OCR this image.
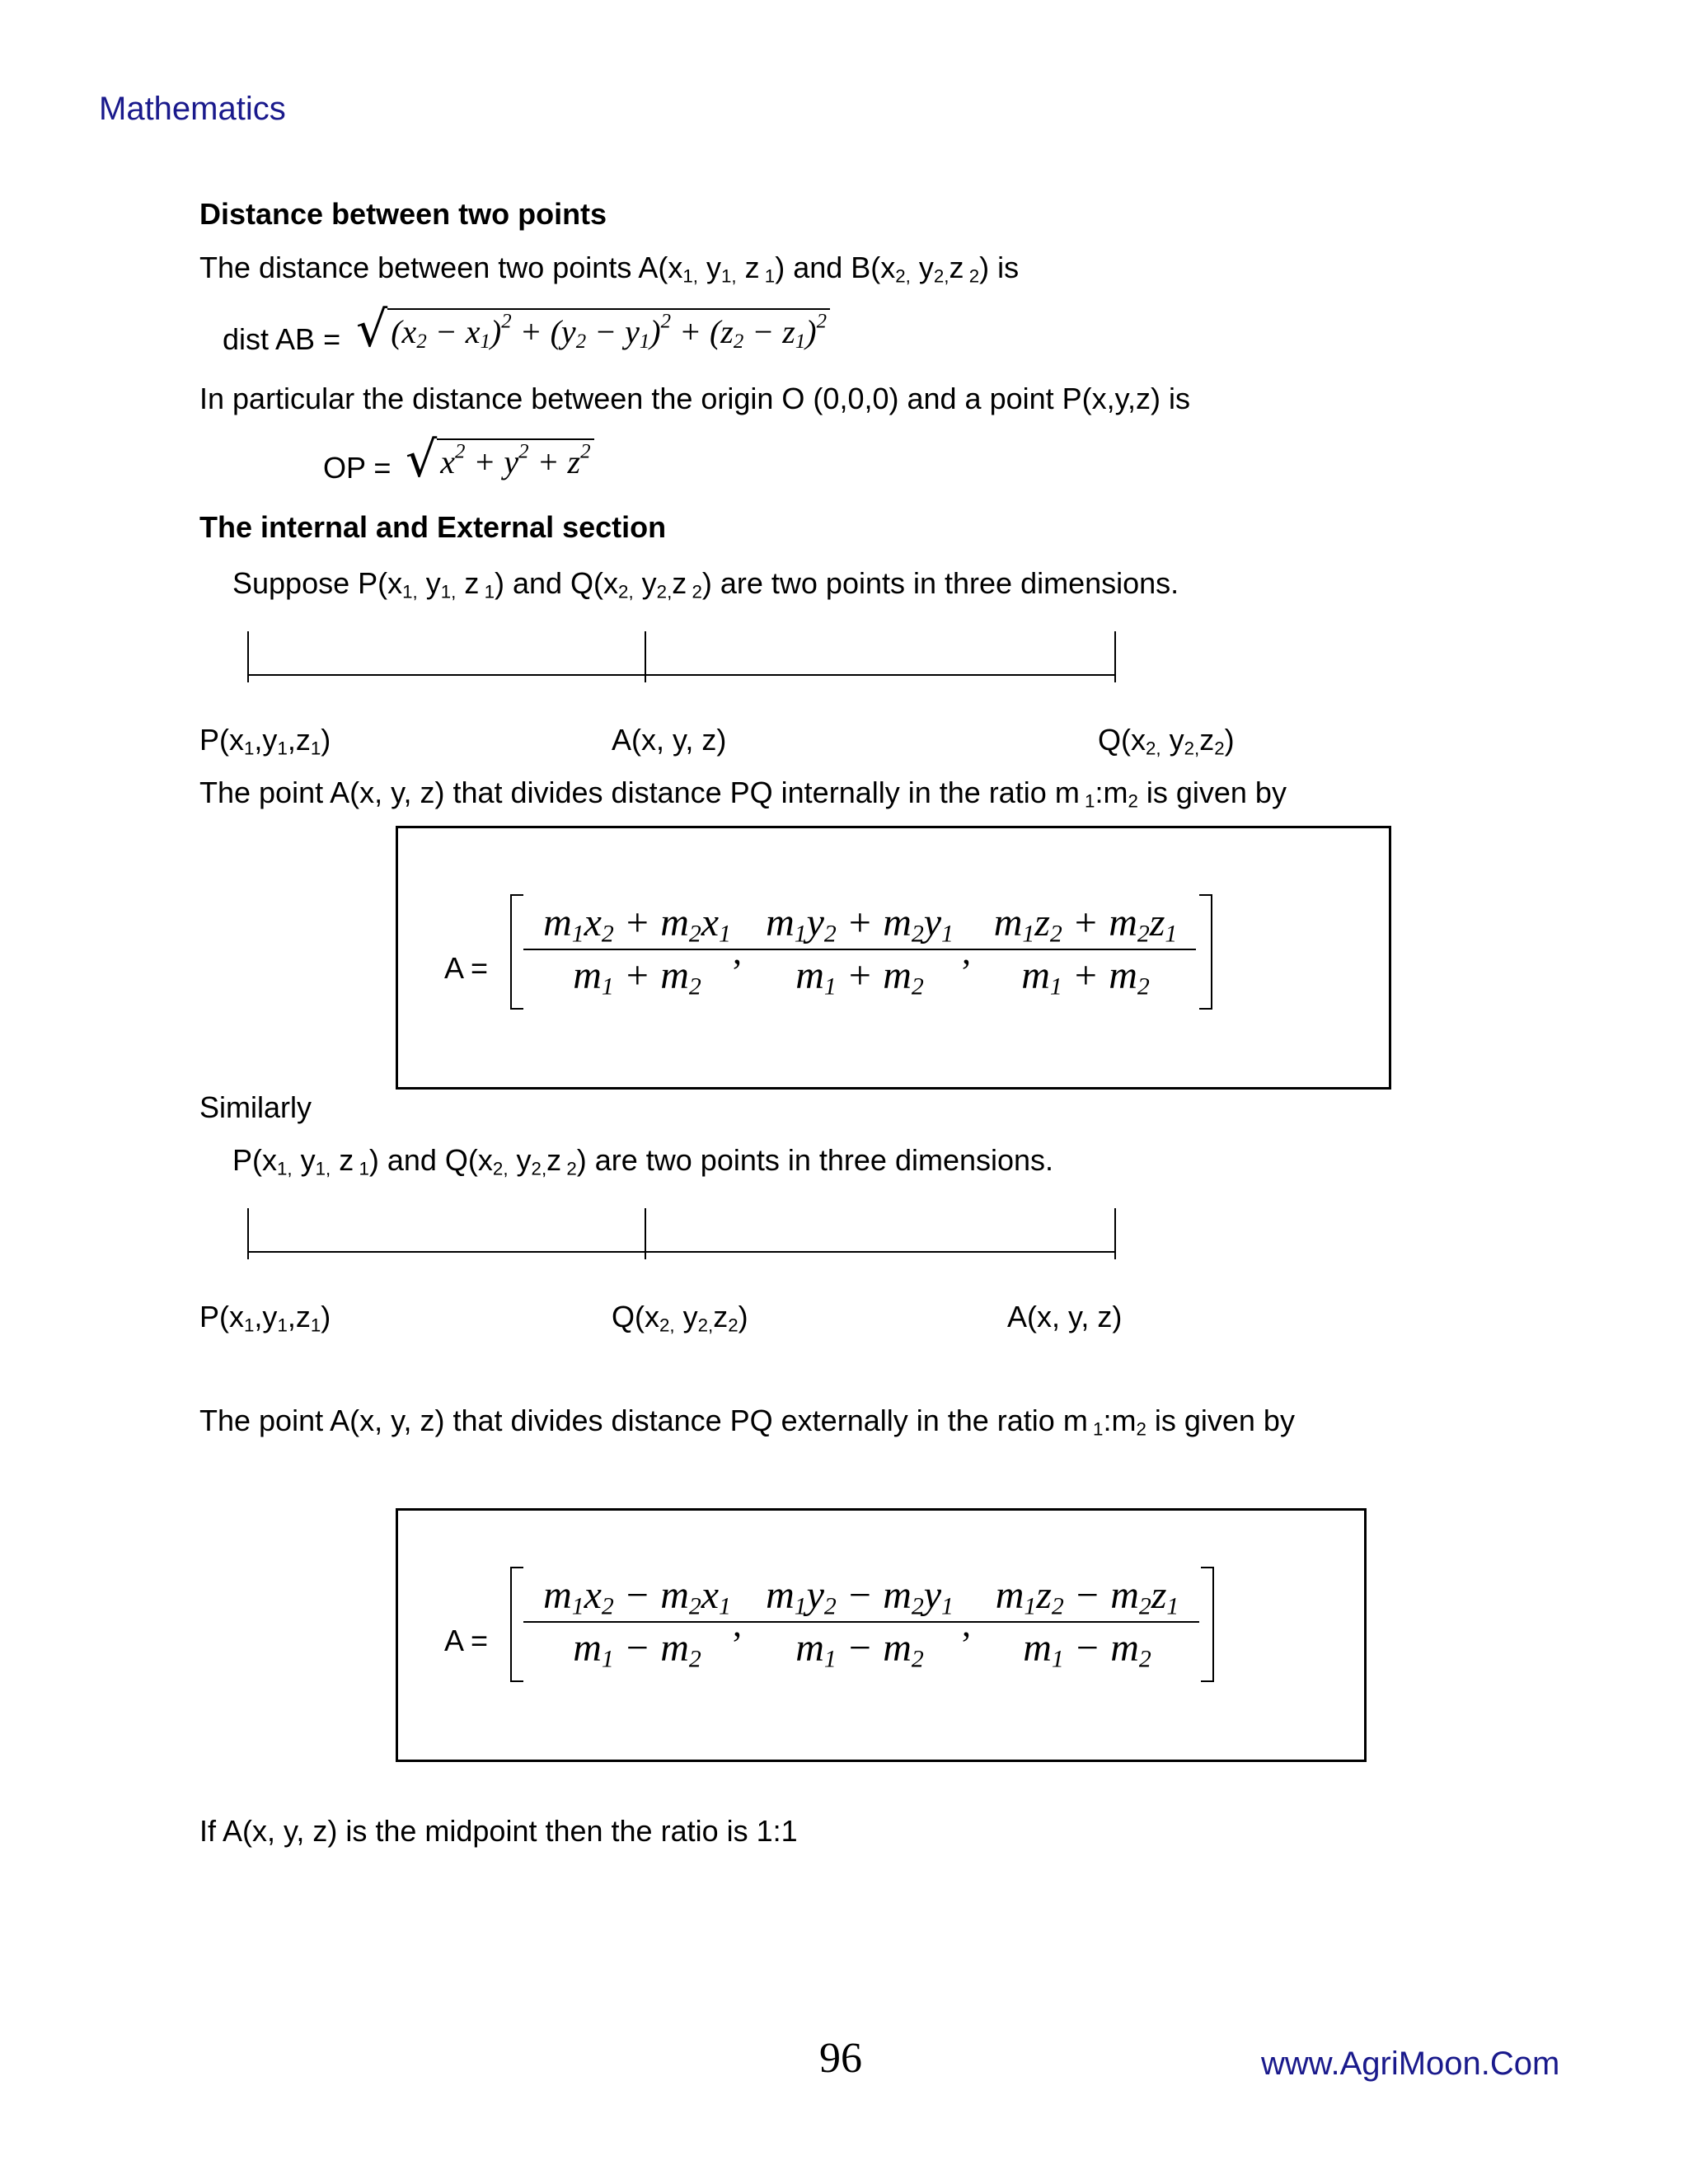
Mathematics
Distance between two points
The distance between two points $A(x_{1,}$ $y_{1,}$ z $_1$) and $B(x_{2,}$ $y_{2,}z$ $_2$) is
dist AB = √ $(x_2 - x_1)^2 + (y_2 - y_1)^2 + (z_2 - z_1)^2$
In particular the distance between the origin O (0,0,0) and a point P(x,y,z) is
OP = √ $x^2 + y^2 + z^2$
The internal and External section
Suppose $P(x_{1,}$ $y_{1,}$ z $_1$) and $Q(x_{2,}$ $y_{2,}z$ $_2$) are two points in three dimensions.
$P(x_1,y_1,z_1)$	A(x, y, z)	$Q(x_{2,}$ $y_{2,}z_2$)
The point A(x, y, z) that divides distance PQ internally in the ratio m $_1:m_2$ is given by
$A = \frac{m_1x_2 + m_2x_1}{m_1 + m_2}$
, $\frac{m_1y_2 + m_2y_1}{m_1 + m_2}$
, $\frac{m_1z_2 + m_2z_1}{m_1 + m_2}$
Similarly
$P(x_{1,}$ $y_{1,}$ z $_1$) and $Q(x_{2,}$ $y_{2,}z$ $_2$) are two points in three dimensions.
$P(x_1,y_1,z_1)$	$Q(x_{2,}$ $y_{2,}z_2$)	A(x, y, z)
The point A(x, y, z) that divides distance PQ externally in the ratio m $_1:m_2$ is given by
$A = \frac{m_1x_2 - m_2x_1}{m_1 - m_2}$
, $\frac{m_1y_2 - m_2y_1}{m_1 - m_2}$
, $\frac{m_1z_2 - m_2z_1}{m_1 - m_2}$
If A(x, y, z) is the midpoint then the ratio is 1:1
96	www.AgriMoon.Com
